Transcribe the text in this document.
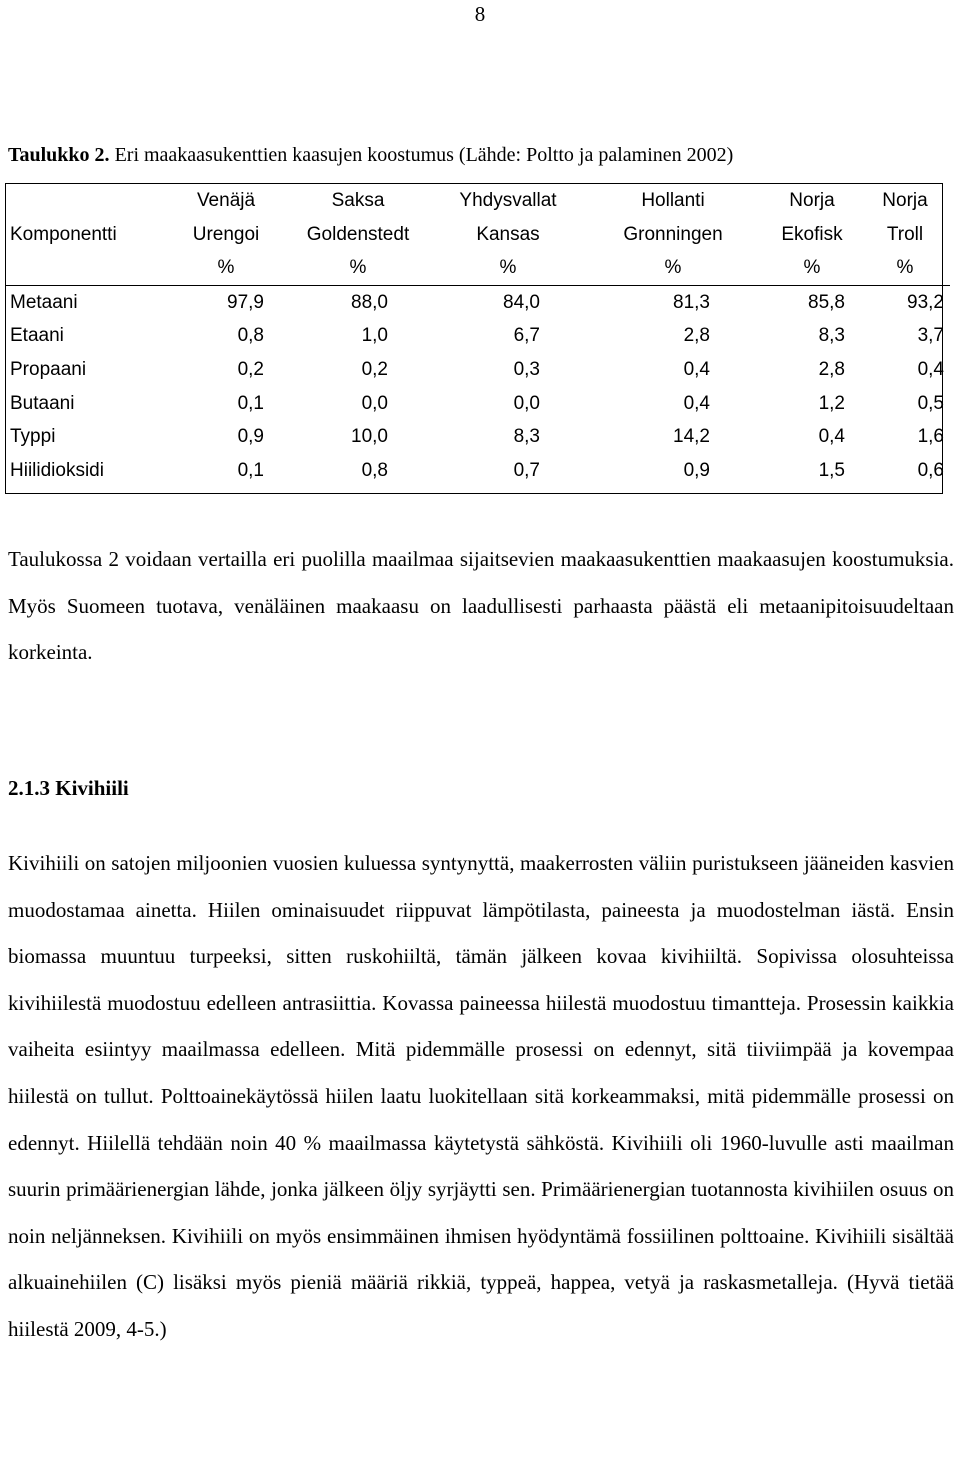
8
Taulukko 2. Eri maakaasukenttien kaasujen koostumus (Lähde: Poltto ja palaminen 2002)
	Venäjä	Saksa	Yhdysvallat	Hollanti	Norja	Norja
Komponentti	Urengoi	Goldenstedt	Kansas	Gronningen	Ekofisk	Troll
	%	%	%	%	%	%
Metaani	97,9	88,0	84,0	81,3	85,8	93,2
Etaani	0,8	1,0	6,7	2,8	8,3	3,7
Propaani	0,2	0,2	0,3	0,4	2,8	0,4
Butaani	0,1	0,0	0,0	0,4	1,2	0,5
Typpi	0,9	10,0	8,3	14,2	0,4	1,6
Hiilidioksidi	0,1	0,8	0,7	0,9	1,5	0,6

Taulukossa 2 voidaan vertailla eri puolilla maailmaa sijaitsevien maakaasukenttien maakaasujen koostumuksia. Myös Suomeen tuotava, venäläinen maakaasu on laadullisesti parhaasta päästä eli metaanipitoisuudeltaan korkeinta.

2.1.3 Kivihiili

Kivihiili on satojen miljoonien vuosien kuluessa syntynyttä, maakerrosten väliin puristukseen jääneiden kasvien muodostamaa ainetta. Hiilen ominaisuudet riippuvat lämpötilasta, paineesta ja muodostelman iästä. Ensin biomassa muuntuu turpeeksi, sitten ruskohiiltä, tämän jälkeen kovaa kivihiiltä. Sopivissa olosuhteissa kivihiilestä muodostuu edelleen antrasiittia. Kovassa paineessa hiilestä muodostuu timantteja. Prosessin kaikkia vaiheita esiintyy maailmassa edelleen. Mitä pidemmälle prosessi on edennyt, sitä tiiviimpää ja kovempaa hiilestä on tullut. Polttoainekäytössä hiilen laatu luokitellaan sitä korkeammaksi, mitä pidemmälle prosessi on edennyt. Hiilellä tehdään noin 40 % maailmassa käytetystä sähköstä. Kivihiili oli 1960-luvulle asti maailman suurin primäärienergian lähde, jonka jälkeen öljy syrjäytti sen. Primäärienergian tuotannosta kivihiilen osuus on noin neljänneksen. Kivihiili on myös ensimmäinen ihmisen hyödyntämä fossiilinen polttoaine. Kivihiili sisältää alkuainehiilen (C) lisäksi myös pieniä määriä rikkiä, typpeä, happea, vetyä ja raskasmetalleja. (Hyvä tietää hiilestä 2009, 4-5.)
